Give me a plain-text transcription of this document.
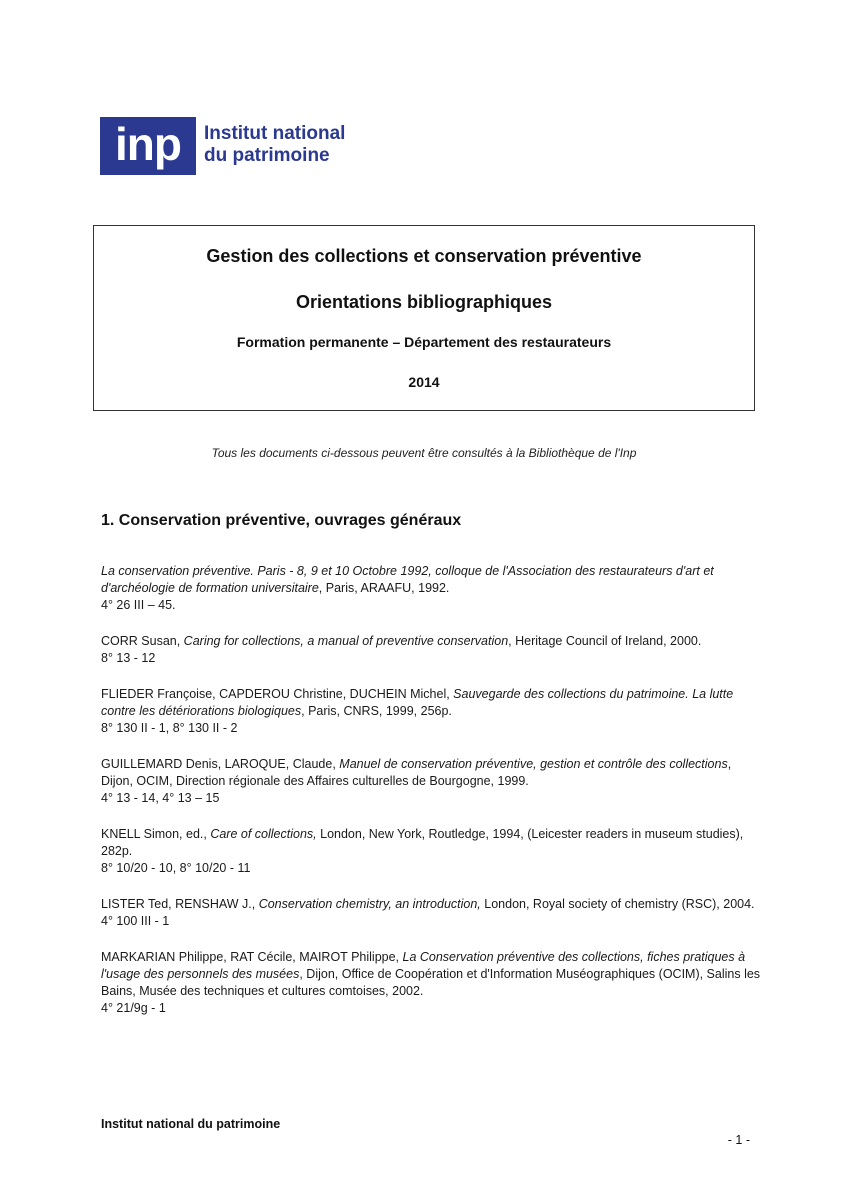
inp	Institut national
du patrimoine
Gestion des collections et conservation préventive
Orientations bibliographiques
Formation permanente – Département des restaurateurs
2014
Tous les documents ci-dessous peuvent être consultés à la Bibliothèque de l'Inp
1. Conservation préventive, ouvrages généraux

La conservation préventive. Paris - 8, 9 et 10 Octobre 1992, colloque de l'Association des restaurateurs d'art et d'archéologie de formation universitaire, Paris, ARAAFU, 1992.
4° 26 III – 45.

CORR Susan, Caring for collections, a manual of preventive conservation, Heritage Council of Ireland, 2000.
8° 13 - 12

FLIEDER Françoise, CAPDEROU Christine, DUCHEIN Michel, Sauvegarde des collections du patrimoine. La lutte contre les détériorations biologiques, Paris, CNRS, 1999, 256p.
8° 130 II - 1, 8° 130 II - 2

GUILLEMARD Denis, LAROQUE, Claude, Manuel de conservation préventive, gestion et contrôle des collections, Dijon, OCIM, Direction régionale des Affaires culturelles de Bourgogne, 1999.
4° 13 - 14, 4° 13 – 15

KNELL Simon, ed., Care of collections, London, New York, Routledge, 1994, (Leicester readers in museum studies), 282p.
8° 10/20 - 10, 8° 10/20 - 11

LISTER Ted, RENSHAW J., Conservation chemistry, an introduction, London, Royal society of chemistry (RSC), 2004.
4° 100 III - 1

MARKARIAN Philippe, RAT Cécile, MAIROT Philippe, La Conservation préventive des collections, fiches pratiques à l'usage des personnels des musées, Dijon, Office de Coopération et d'Information Muséographiques (OCIM), Salins les Bains, Musée des techniques et cultures comtoises, 2002.
4° 21/9g - 1

Institut national du patrimoine
- 1 -
